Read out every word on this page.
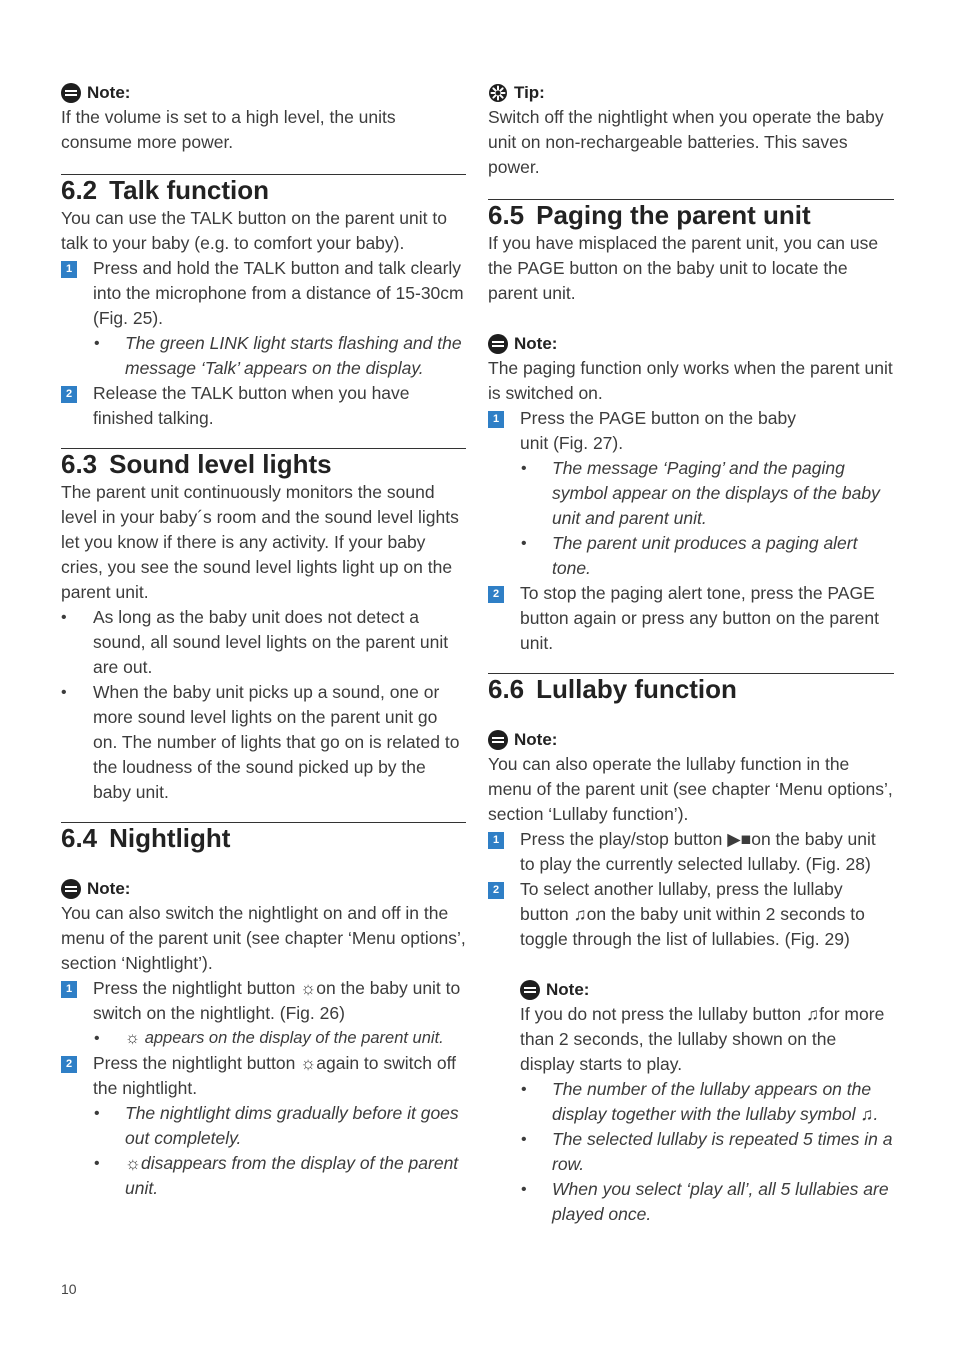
Note:

If the volume is set to a high level, the units consume more power.

6.2 Talk function

You can use the TALK button on the parent unit to talk to your baby (e.g. to comfort your baby).

1 Press and hold the TALK button and talk clearly into the microphone from a distance of 15-30cm (Fig. 25).
• The green LINK light starts flashing and the message ‘Talk’ appears on the display.
2 Release the TALK button when you have finished talking.
6.3 Sound level lights

The parent unit continuously monitors the sound level in your baby´s room and the sound level lights let you know if there is any activity. If your baby cries, you see the sound level lights light up on the parent unit.

• As long as the baby unit does not detect a sound, all sound level lights on the parent unit are out.
• When the baby unit picks up a sound, one or more sound level lights on the parent unit go on. The number of lights that go on is related to the loudness of the sound picked up by the baby unit.
6.4 Nightlight
Note:

You can also switch the nightlight on and off in the menu of the parent unit (see chapter ‘Menu options’, section ‘Nightlight’).

1 Press the nightlight button ☼on the baby unit to switch on the nightlight. (Fig. 26)
• ☼ appears on the display of the parent unit.
2 Press the nightlight button ☼again to switch off the nightlight.
• The nightlight dims gradually before it goes out completely.
• ☼disappears from the display of the parent unit.
Tip:

Switch off the nightlight when you operate the baby unit on non-rechargeable batteries. This saves power.

6.5 Paging the parent unit

If you have misplaced the parent unit, you can use the PAGE button on the baby unit to locate the parent unit.

Note:

The paging function only works when the parent unit is switched on.

1 Press the PAGE button on the baby unit (Fig. 27).
• The message ‘Paging’ and the paging symbol appear on the displays of the baby unit and parent unit.
• The parent unit produces a paging alert tone.
2 To stop the paging alert tone, press the PAGE button again or press any button on the parent unit.
6.6 Lullaby function
Note:

You can also operate the lullaby function in the menu of the parent unit (see chapter ‘Menu options’, section ‘Lullaby function’).

1 Press the play/stop button ▶■on the baby unit to play the currently selected lullaby. (Fig. 28)
2 To select another lullaby, press the lullaby button ♫on the baby unit within 2 seconds to toggle through the list of lullabies. (Fig. 29)
Note:

If you do not press the lullaby button ♫for more than 2 seconds, the lullaby shown on the display starts to play.

• The number of the lullaby appears on the display together with the lullaby symbol ♫.
• The selected lullaby is repeated 5 times in a row.
• When you select ‘play all’, all 5 lullabies are played once.
10
